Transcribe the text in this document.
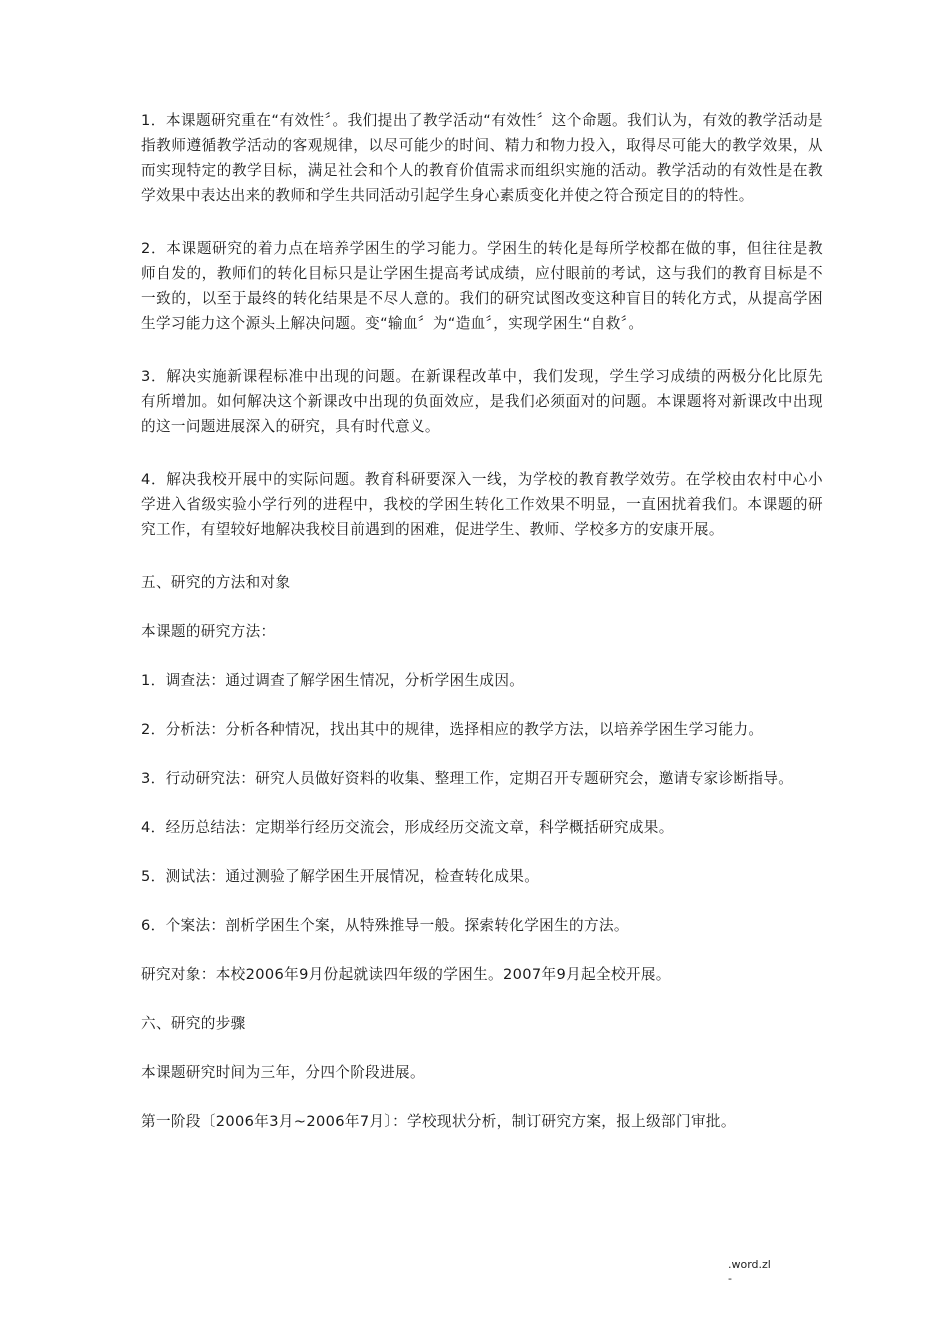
1．本课题研究重在“有效性〞。我们提出了教学活动“有效性〞这个命题。我们认为，有效的教学活动是指教师遵循教学活动的客观规律，以尽可能少的时间、精力和物力投入，取得尽可能大的教学效果，从而实现特定的教学目标，满足社会和个人的教育价值需求而组织实施的活动。教学活动的有效性是在教学效果中表达出来的教师和学生共同活动引起学生身心素质变化并使之符合预定目的的特性。

2．本课题研究的着力点在培养学困生的学习能力。学困生的转化是每所学校都在做的事，但往往是教师自发的，教师们的转化目标只是让学困生提高考试成绩，应付眼前的考试，这与我们的教育目标是不一致的，以至于最终的转化结果是不尽人意的。我们的研究试图改变这种盲目的转化方式，从提高学困生学习能力这个源头上解决问题。变“输血〞为“造血〞，实现学困生“自救〞。

3．解决实施新课程标准中出现的问题。在新课程改革中，我们发现，学生学习成绩的两极分化比原先有所增加。如何解决这个新课改中出现的负面效应，是我们必须面对的问题。本课题将对新课改中出现的这一问题进展深入的研究，具有时代意义。

4．解决我校开展中的实际问题。教育科研要深入一线，为学校的教育教学效劳。在学校由农村中心小学进入省级实验小学行列的进程中，我校的学困生转化工作效果不明显，一直困扰着我们。本课题的研究工作，有望较好地解决我校目前遇到的困难，促进学生、教师、学校多方的安康开展。

五、研究的方法和对象

本课题的研究方法：

1．调查法：通过调查了解学困生情况，分析学困生成因。

2．分析法：分析各种情况，找出其中的规律，选择相应的教学方法，以培养学困生学习能力。

3．行动研究法：研究人员做好资料的收集、整理工作，定期召开专题研究会，邀请专家诊断指导。

4．经历总结法：定期举行经历交流会，形成经历交流文章，科学概括研究成果。

5．测试法：通过测验了解学困生开展情况，检查转化成果。

6．个案法：剖析学困生个案，从特殊推导一般。探索转化学困生的方法。

研究对象：本校2006年9月份起就读四年级的学困生。2007年9月起全校开展。

六、研究的步骤

本课题研究时间为三年，分四个阶段进展。

第一阶段〔2006年3月~2006年7月〕：学校现状分析，制订研究方案，报上级部门审批。

.word.zl
-
